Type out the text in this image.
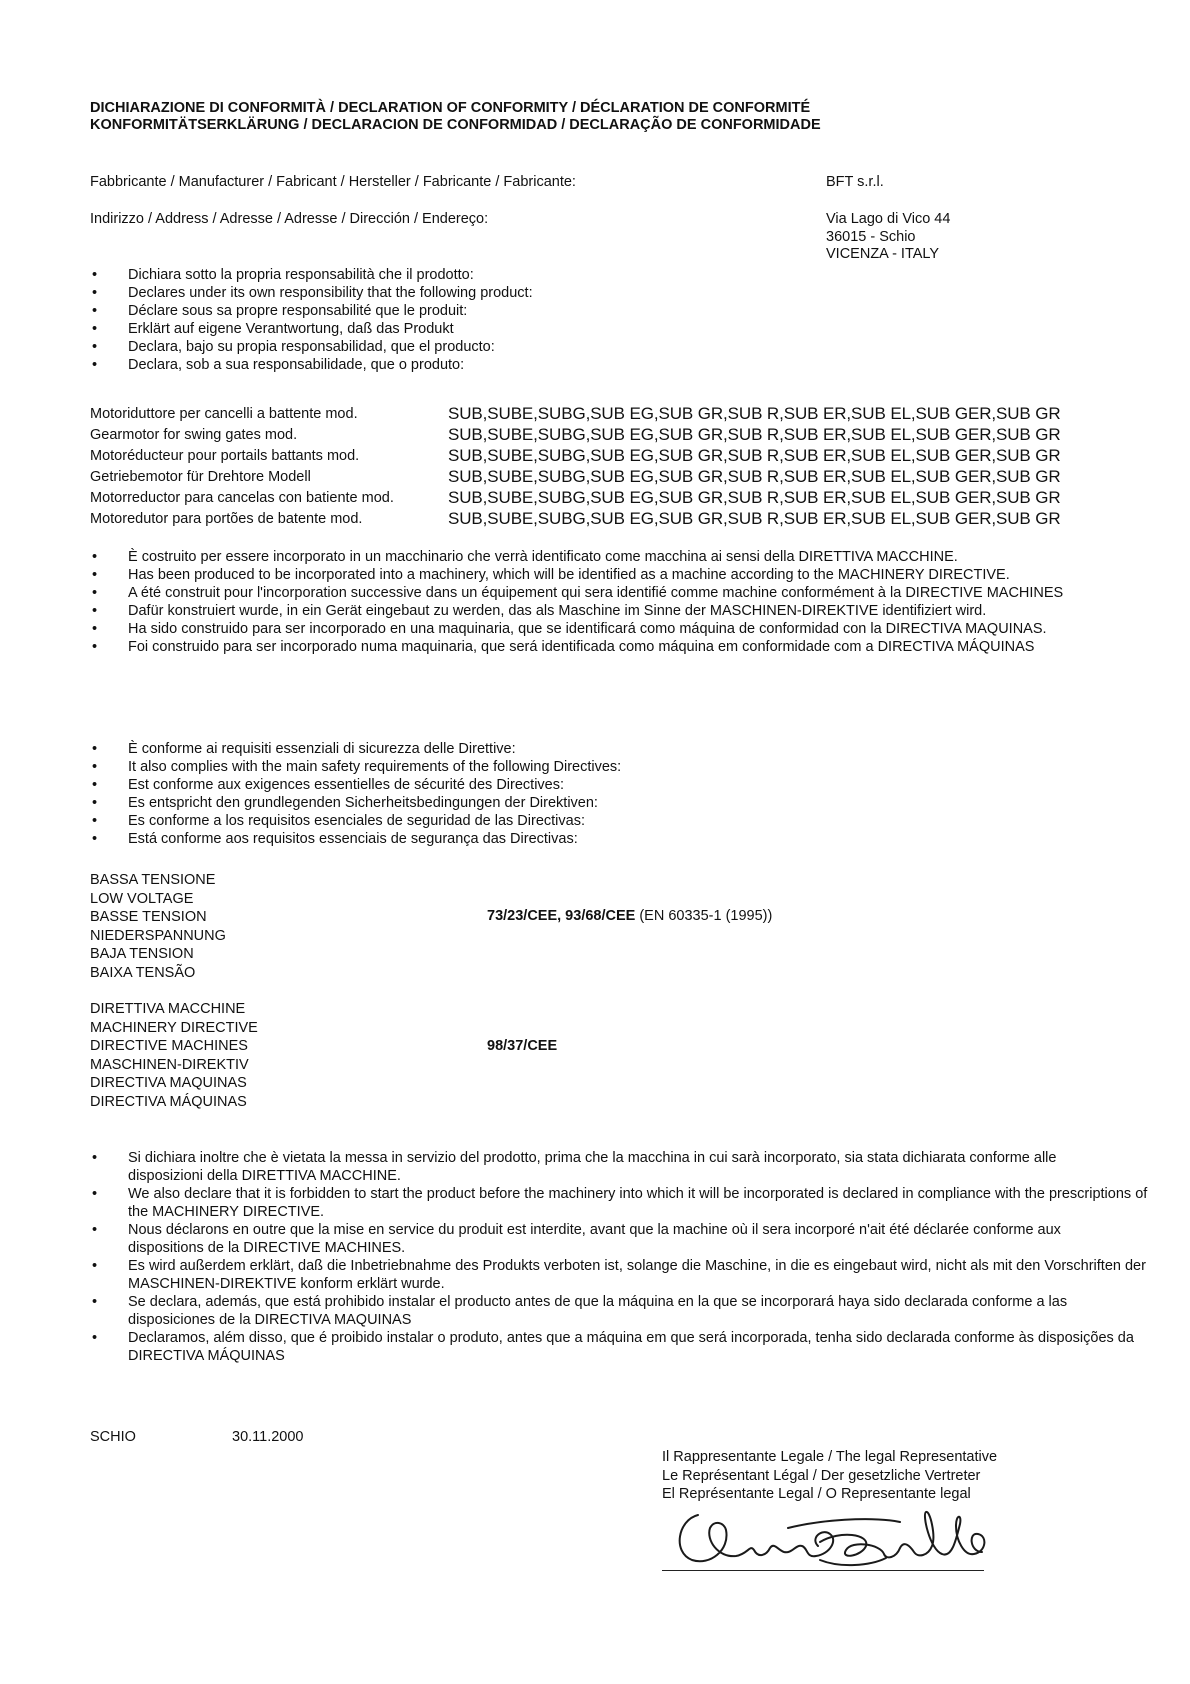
DICHIARAZIONE DI CONFORMITÀ / DECLARATION OF CONFORMITY / DÉCLARATION DE CONFORMITÉ
KONFORMITÄTSERKLÄRUNG / DECLARACION DE CONFORMIDAD / DECLARAÇÃO DE CONFORMIDADE
Fabbricante / Manufacturer / Fabricant / Hersteller / Fabricante / Fabricante:	BFT s.r.l.
Indirizzo / Address / Adresse / Adresse / Dirección / Endereço:	Via Lago di Vico 44
36015 - Schio
VICENZA - ITALY
• Dichiara sotto la propria responsabilità che il prodotto:
• Declares under its own responsibility that the following product:
• Déclare sous sa propre responsabilité que le produit:
• Erklärt auf eigene Verantwortung, daß das Produkt
• Declara, bajo su propia responsabilidad, que el producto:
• Declara, sob a sua responsabilidade, que o produto:
Motoriduttore per cancelli a battente mod.	SUB,SUBE,SUBG,SUB EG,SUB GR,SUB R,SUB ER,SUB EL,SUB GER,SUB GR
Gearmotor for swing gates mod.	SUB,SUBE,SUBG,SUB EG,SUB GR,SUB R,SUB ER,SUB EL,SUB GER,SUB GR
Motoréducteur pour portails battants mod.	SUB,SUBE,SUBG,SUB EG,SUB GR,SUB R,SUB ER,SUB EL,SUB GER,SUB GR
Getriebemotor für Drehtore Modell	SUB,SUBE,SUBG,SUB EG,SUB GR,SUB R,SUB ER,SUB EL,SUB GER,SUB GR
Motorreductor para cancelas con batiente mod.	SUB,SUBE,SUBG,SUB EG,SUB GR,SUB R,SUB ER,SUB EL,SUB GER,SUB GR
Motoredutor para portões de batente mod.	SUB,SUBE,SUBG,SUB EG,SUB GR,SUB R,SUB ER,SUB EL,SUB GER,SUB GR
• È costruito per essere incorporato in un macchinario che verrà identificato come macchina ai sensi della DIRETTIVA MACCHINE.
• Has been produced to be incorporated into a machinery, which will be identified as a machine according to the MACHINERY DIRECTIVE.
• A été construit pour l'incorporation successive dans un équipement qui sera identifié comme machine conformément à la DIRECTIVE MACHINES
• Dafür konstruiert wurde, in ein Gerät eingebaut zu werden, das als Maschine im Sinne der MASCHINEN-DIREKTIVE identifiziert wird.
• Ha sido construido para ser incorporado en una maquinaria, que se identificará como máquina de conformidad con la DIRECTIVA MAQUINAS.
• Foi construido para ser incorporado numa maquinaria, que será identificada como máquina em conformidade com a DIRECTIVA MÁQUINAS
• È conforme ai requisiti essenziali di sicurezza delle Direttive:
• It also complies with the main safety requirements of the following Directives:
• Est conforme aux exigences essentielles de sécurité des Directives:
• Es entspricht den grundlegenden Sicherheitsbedingungen der Direktiven:
• Es conforme a los requisitos esenciales de seguridad de las Directivas:
• Está conforme aos requisitos essenciais de segurança das Directivas:
BASSA TENSIONE
LOW VOLTAGE
BASSE TENSION
NIEDERSPANNUNG
BAJA TENSION
BAIXA TENSÃO
73/23/CEE, 93/68/CEE (EN 60335-1 (1995))
DIRETTIVA MACCHINE
MACHINERY DIRECTIVE
DIRECTIVE MACHINES
MASCHINEN-DIREKTIV
DIRECTIVA MAQUINAS
DIRECTIVA MÁQUINAS
98/37/CEE
• Si dichiara inoltre che è vietata la messa in servizio del prodotto, prima che la macchina in cui sarà incorporato, sia stata dichiarata conforme alle disposizioni della DIRETTIVA MACCHINE.
• We also declare that it is forbidden to start the product before the machinery into which it will be incorporated is declared in compliance with the prescriptions of the MACHINERY DIRECTIVE.
• Nous déclarons en outre que la mise en service du produit est interdite, avant que la machine où il sera incorporé n'ait été déclarée conforme aux dispositions de la DIRECTIVE MACHINES.
• Es wird außerdem erklärt, daß die Inbetriebnahme des Produkts verboten ist, solange die Maschine, in die es eingebaut wird, nicht als mit den Vorschriften der MASCHINEN-DIREKTIVE konform erklärt wurde.
• Se declara, además, que está prohibido instalar el producto antes de que la máquina en la que se incorporará haya sido declarada conforme a las disposiciones de la DIRECTIVA MAQUINAS
• Declaramos, além disso, que é proibido instalar o produto, antes que a máquina em que será incorporada, tenha sido declarada conforme às disposições da DIRECTIVA MÁQUINAS
SCHIO	30.11.2000
Il Rappresentante Legale / The legal Representative
Le Représentant Légal / Der gesetzliche Vertreter
El Représentante Legal / O Representante legal
